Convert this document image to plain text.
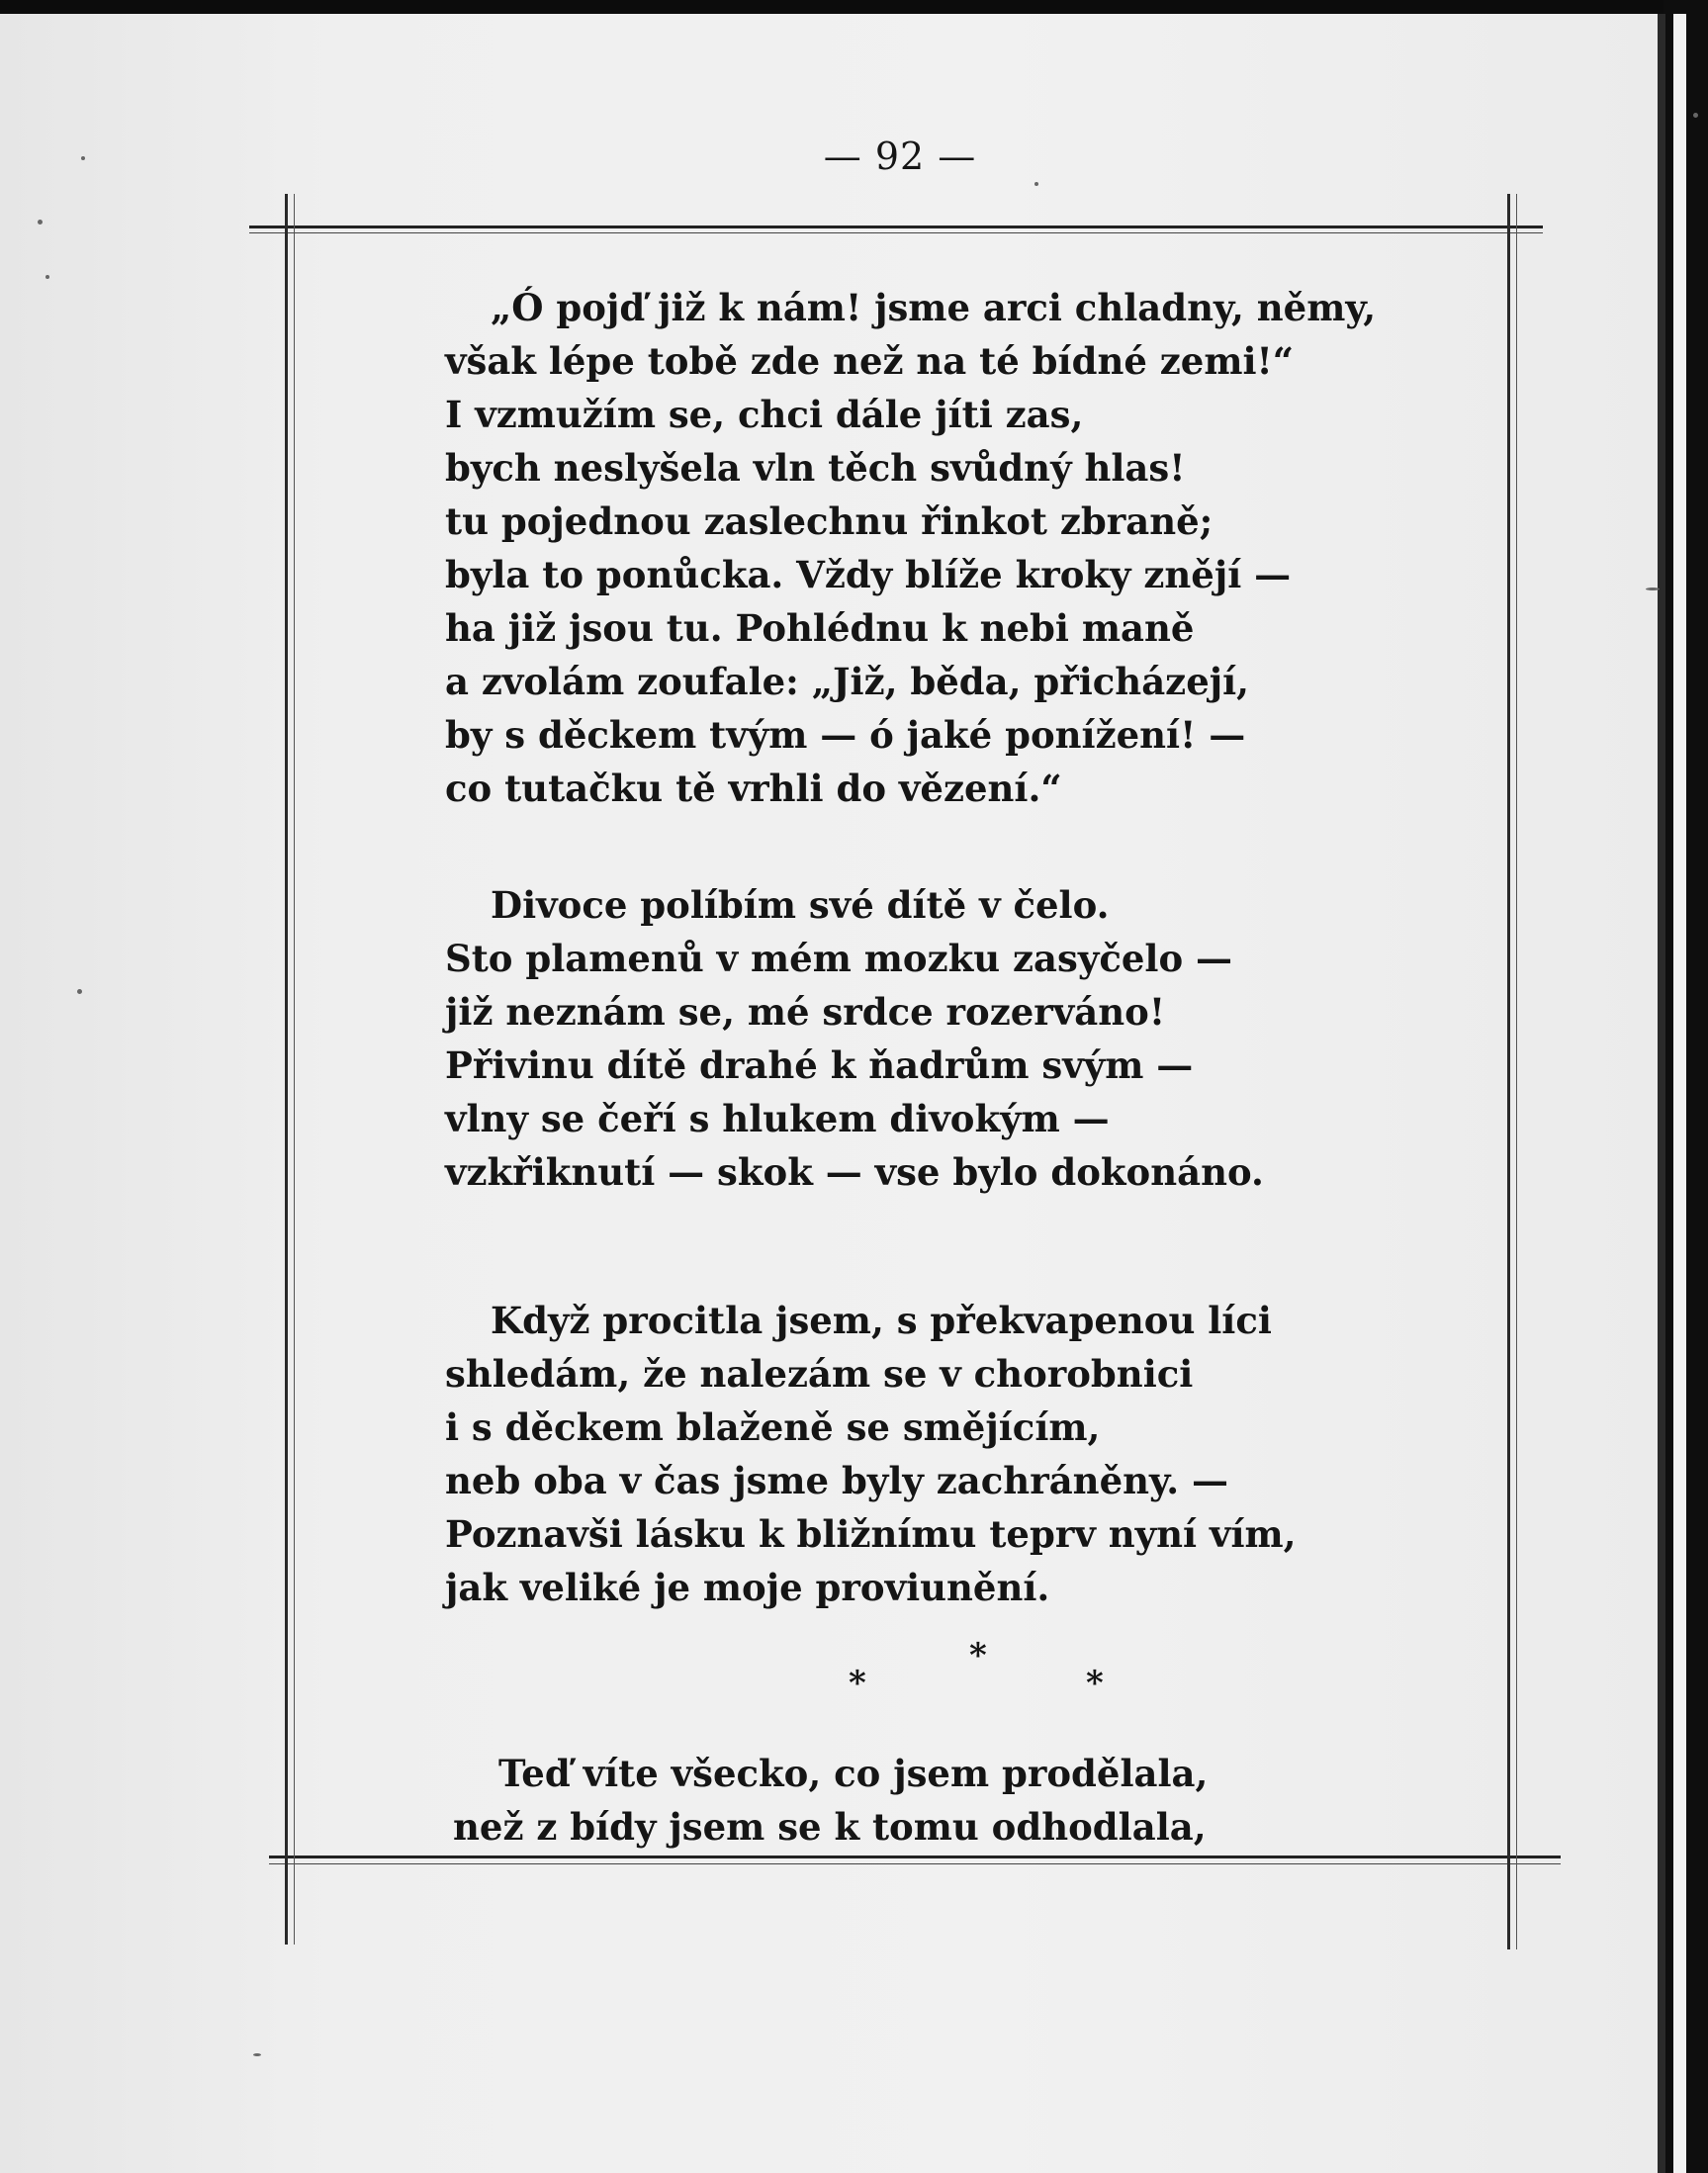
— 92 —
„Ó pojď již k nám! jsme arci chladny, němy,
však lépe tobě zde než na té bídné zemi!“
I vzmužím se, chci dále jíti zas,
bych neslyšela vln těch svůdný hlas!
tu pojednou zaslechnu řinkot zbraně;
byla to ponůcka. Vždy blíže kroky znějí —
ha již jsou tu. Pohlédnu k nebi maně
a zvolám zoufale: „Již, běda, přicházejí,
by s děckem tvým — ó jaké ponížení! —
co tutačku tě vrhli do vězení.“
Divoce políbím své dítě v čelo.
Sto plamenů v mém mozku zasyčelo —
již neznám se, mé srdce rozerváno!
Přivinu dítě drahé k ňadrům svým —
vlny se čeří s hlukem divokým —
vzkřiknutí — skok — vse bylo dokonáno.
Když procitla jsem, s překvapenou líci
shledám, že nalezám se v chorobnici
i s děckem blaženě se smějícím,
neb oba v čas jsme byly zachráněny. —
Poznavši lásku k bližnímu teprv nyní vím,
jak veliké je moje proviunění.
*
*
*
Teď víte všecko, co jsem prodělala,
než z bídy jsem se k tomu odhodlala,
